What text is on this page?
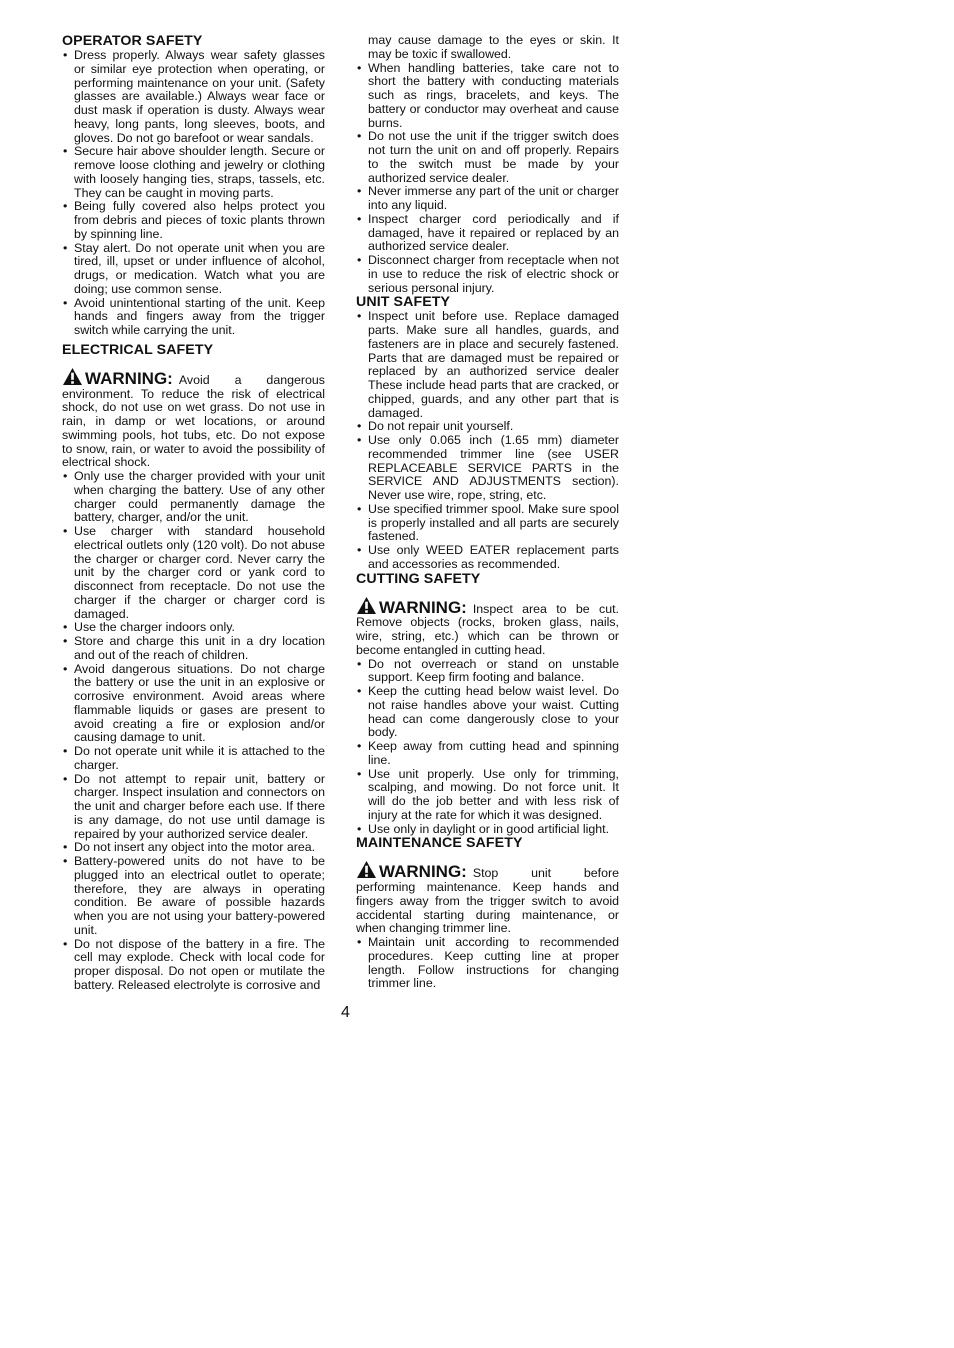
OPERATOR SAFETY
• Dress properly. Always wear safety glasses or similar eye protection when operating, or performing maintenance on your unit. (Safety glasses are available.) Always wear face or dust mask if operation is dusty. Always wear heavy, long pants, long sleeves, boots, and gloves. Do not go barefoot or wear sandals.
• Secure hair above shoulder length. Secure or remove loose clothing and jewelry or clothing with loosely hanging ties, straps, tassels, etc. They can be caught in moving parts.
• Being fully covered also helps protect you from debris and pieces of toxic plants thrown by spinning line.
• Stay alert. Do not operate unit when you are tired, ill, upset or under influence of alcohol, drugs, or medication. Watch what you are doing; use common sense.
• Avoid unintentional starting of the unit. Keep hands and fingers away from the trigger switch while carrying the unit.
ELECTRICAL SAFETY

WARNING: Avoid a dangerous environment. To reduce the risk of electrical shock, do not use on wet grass. Do not use in rain, in damp or wet locations, or around swimming pools, hot tubs, etc. Do not expose to snow, rain, or water to avoid the possibility of electrical shock.

• Only use the charger provided with your unit when charging the battery. Use of any other charger could permanently damage the battery, charger, and/or the unit.
• Use charger with standard household electrical outlets only (120 volt). Do not abuse the charger or charger cord. Never carry the unit by the charger cord or yank cord to disconnect from receptacle. Do not use the charger if the charger or charger cord is damaged.
• Use the charger indoors only.
• Store and charge this unit in a dry location and out of the reach of children.
• Avoid dangerous situations. Do not charge the battery or use the unit in an explosive or corrosive environment. Avoid areas where flammable liquids or gases are present to avoid creating a fire or explosion and/or causing damage to unit.
• Do not operate unit while it is attached to the charger.
• Do not attempt to repair unit, battery or charger. Inspect insulation and connectors on the unit and charger before each use. If there is any damage, do not use until damage is repaired by your authorized service dealer.
• Do not insert any object into the motor area.
• Battery-powered units do not have to be plugged into an electrical outlet to operate; therefore, they are always in operating condition. Be aware of possible hazards when you are not using your battery-powered unit.
• Do not dispose of the battery in a fire. The cell may explode. Check with local code for proper disposal. Do not open or mutilate the battery. Released electrolyte is corrosive and
may cause damage to the eyes or skin. It may be toxic if swallowed.
• When handling batteries, take care not to short the battery with conducting materials such as rings, bracelets, and keys. The battery or conductor may overheat and cause burns.
• Do not use the unit if the trigger switch does not turn the unit on and off properly. Repairs to the switch must be made by your authorized service dealer.
• Never immerse any part of the unit or charger into any liquid.
• Inspect charger cord periodically and if damaged, have it repaired or replaced by an authorized service dealer.
• Disconnect charger from receptacle when not in use to reduce the risk of electric shock or serious personal injury.
UNIT SAFETY
• Inspect unit before use. Replace damaged parts. Make sure all handles, guards, and fasteners are in place and securely fastened. Parts that are damaged must be repaired or replaced by an authorized service dealer These include head parts that are cracked, or chipped, guards, and any other part that is damaged.
• Do not repair unit yourself.
• Use only 0.065 inch (1.65 mm) diameter recommended trimmer line (see USER REPLACEABLE SERVICE PARTS in the SERVICE AND ADJUSTMENTS section). Never use wire, rope, string, etc.
• Use specified trimmer spool. Make sure spool is properly installed and all parts are securely fastened.
• Use only WEED EATER replacement parts and accessories as recommended.
CUTTING SAFETY

WARNING: Inspect area to be cut. Remove objects (rocks, broken glass, nails, wire, string, etc.) which can be thrown or become entangled in cutting head.

• Do not overreach or stand on unstable support. Keep firm footing and balance.
• Keep the cutting head below waist level. Do not raise handles above your waist. Cutting head can come dangerously close to your body.
• Keep away from cutting head and spinning line.
• Use unit properly. Use only for trimming, scalping, and mowing. Do not force unit. It will do the job better and with less risk of injury at the rate for which it was designed.
• Use only in daylight or in good artificial light.
MAINTENANCE SAFETY

WARNING: Stop unit before performing maintenance. Keep hands and fingers away from the trigger switch to avoid accidental starting during maintenance, or when changing trimmer line.

• Maintain unit according to recommended procedures. Keep cutting line at proper length. Follow instructions for changing trimmer line.
4
